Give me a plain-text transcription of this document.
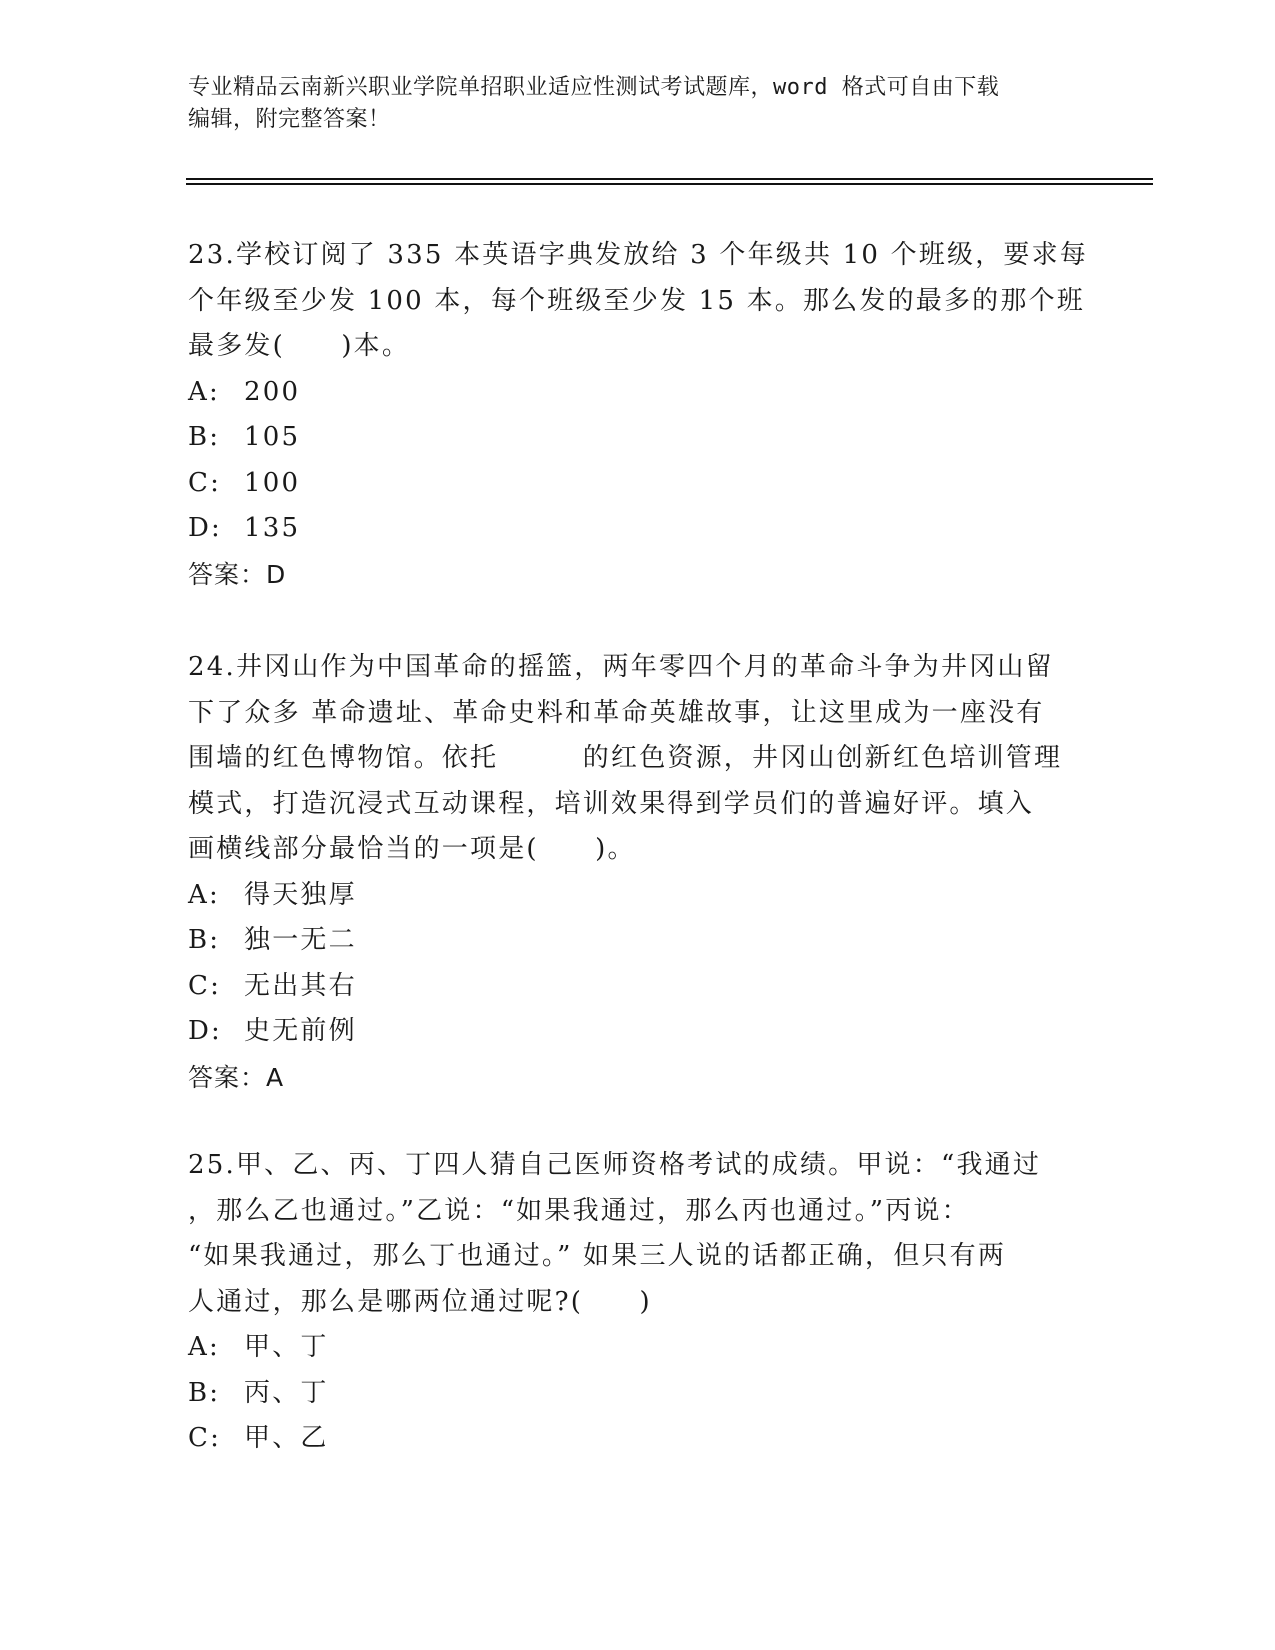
专业精品云南新兴职业学院单招职业适应性测试考试题库，word 格式可自由下载
编辑，附完整答案！
23.学校订阅了 335 本英语字典发放给 3 个年级共 10 个班级，要求每
个年级至少发 100 本，每个班级至少发 15 本。那么发的最多的那个班
最多发(　　)本。
A: 200
B: 105
C: 100
D: 135
答案：D
24.井冈山作为中国革命的摇篮，两年零四个月的革命斗争为井冈山留
下了众多 革命遗址、革命史料和革命英雄故事，让这里成为一座没有
围墙的红色博物馆。依托　　　的红色资源，井冈山创新红色培训管理
模式，打造沉浸式互动课程，培训效果得到学员们的普遍好评。填入
画横线部分最恰当的一项是(　　)。
A: 得天独厚
B: 独一无二
C: 无出其右
D: 史无前例
答案：A
25.甲、乙、丙、丁四人猜自己医师资格考试的成绩。甲说：“我通过
，那么乙也通过。”乙说：“如果我通过，那么丙也通过。”丙说：
“如果我通过，那么丁也通过。” 如果三人说的话都正确，但只有两
人通过，那么是哪两位通过呢?(　　)
A: 甲、丁
B: 丙、丁
C: 甲、乙
